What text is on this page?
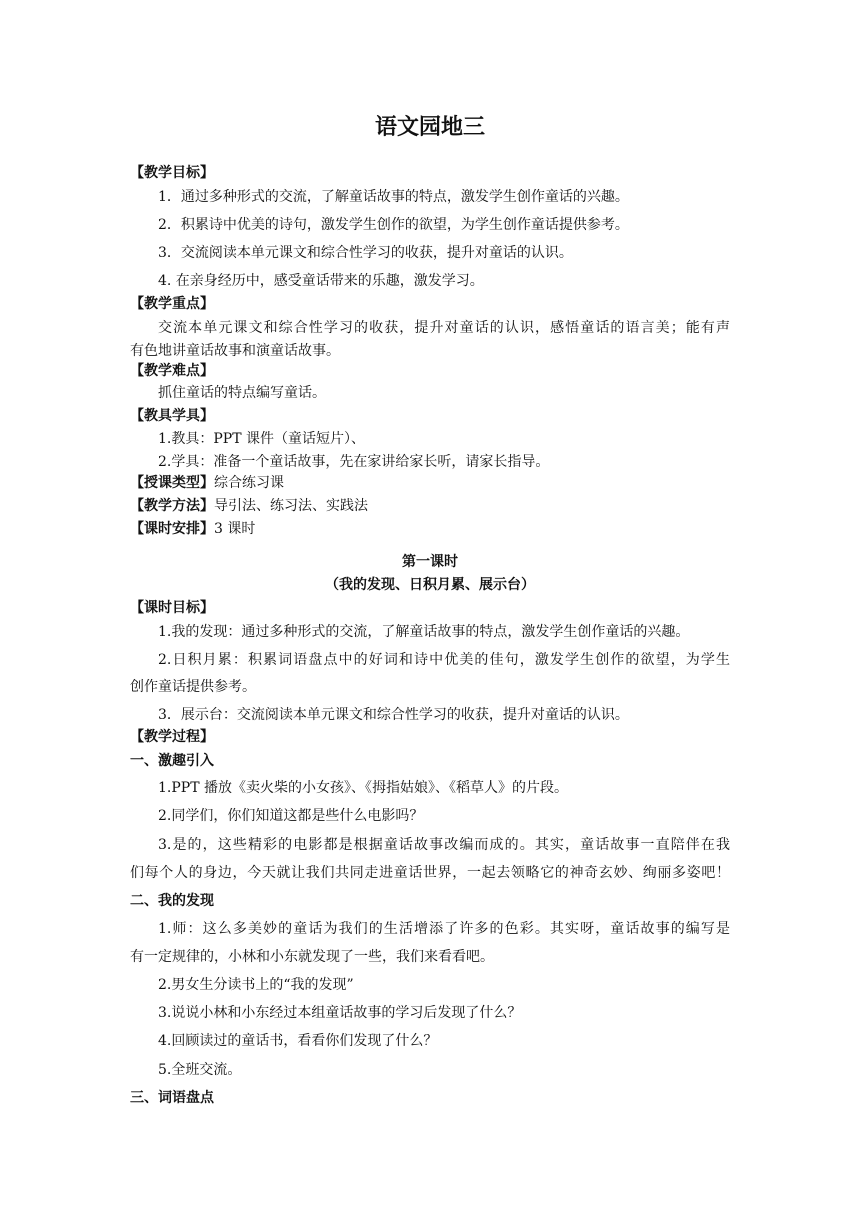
语文园地三
【教学目标】
1．通过多种形式的交流，了解童话故事的特点，激发学生创作童话的兴趣。
2．积累诗中优美的诗句，激发学生创作的欲望，为学生创作童话提供参考。
3．交流阅读本单元课文和综合性学习的收获，提升对童话的认识。
4. 在亲身经历中，感受童话带来的乐趣，激发学习。
【教学重点】
交流本单元课文和综合性学习的收获，提升对童话的认识，感悟童话的语言美；能有声
有色地讲童话故事和演童话故事。
【教学难点】
抓住童话的特点编写童话。
【教具学具】
1.教具：PPT 课件（童话短片）、
2.学具：准备一个童话故事，先在家讲给家长听，请家长指导。
【授课类型】综合练习课
【教学方法】导引法、练习法、实践法
【课时安排】3 课时
第一课时
（我的发现、日积月累、展示台）
【课时目标】
1.我的发现：通过多种形式的交流，了解童话故事的特点，激发学生创作童话的兴趣。
2.日积月累：积累词语盘点中的好词和诗中优美的佳句，激发学生创作的欲望，为学生
创作童话提供参考。
3．展示台：交流阅读本单元课文和综合性学习的收获，提升对童话的认识。
【教学过程】
一、激趣引入
1.PPT 播放《卖火柴的小女孩》、《拇指姑娘》、《稻草人》的片段。
2.同学们，你们知道这都是些什么电影吗？
3.是的，这些精彩的电影都是根据童话故事改编而成的。其实，童话故事一直陪伴在我
们每个人的身边，今天就让我们共同走进童话世界，一起去领略它的神奇玄妙、绚丽多姿吧！
二、我的发现
1.师：这么多美妙的童话为我们的生活增添了许多的色彩。其实呀，童话故事的编写是
有一定规律的，小林和小东就发现了一些，我们来看看吧。
2.男女生分读书上的“我的发现”
3.说说小林和小东经过本组童话故事的学习后发现了什么？
4.回顾读过的童话书，看看你们发现了什么？
5.全班交流。
三、词语盘点
